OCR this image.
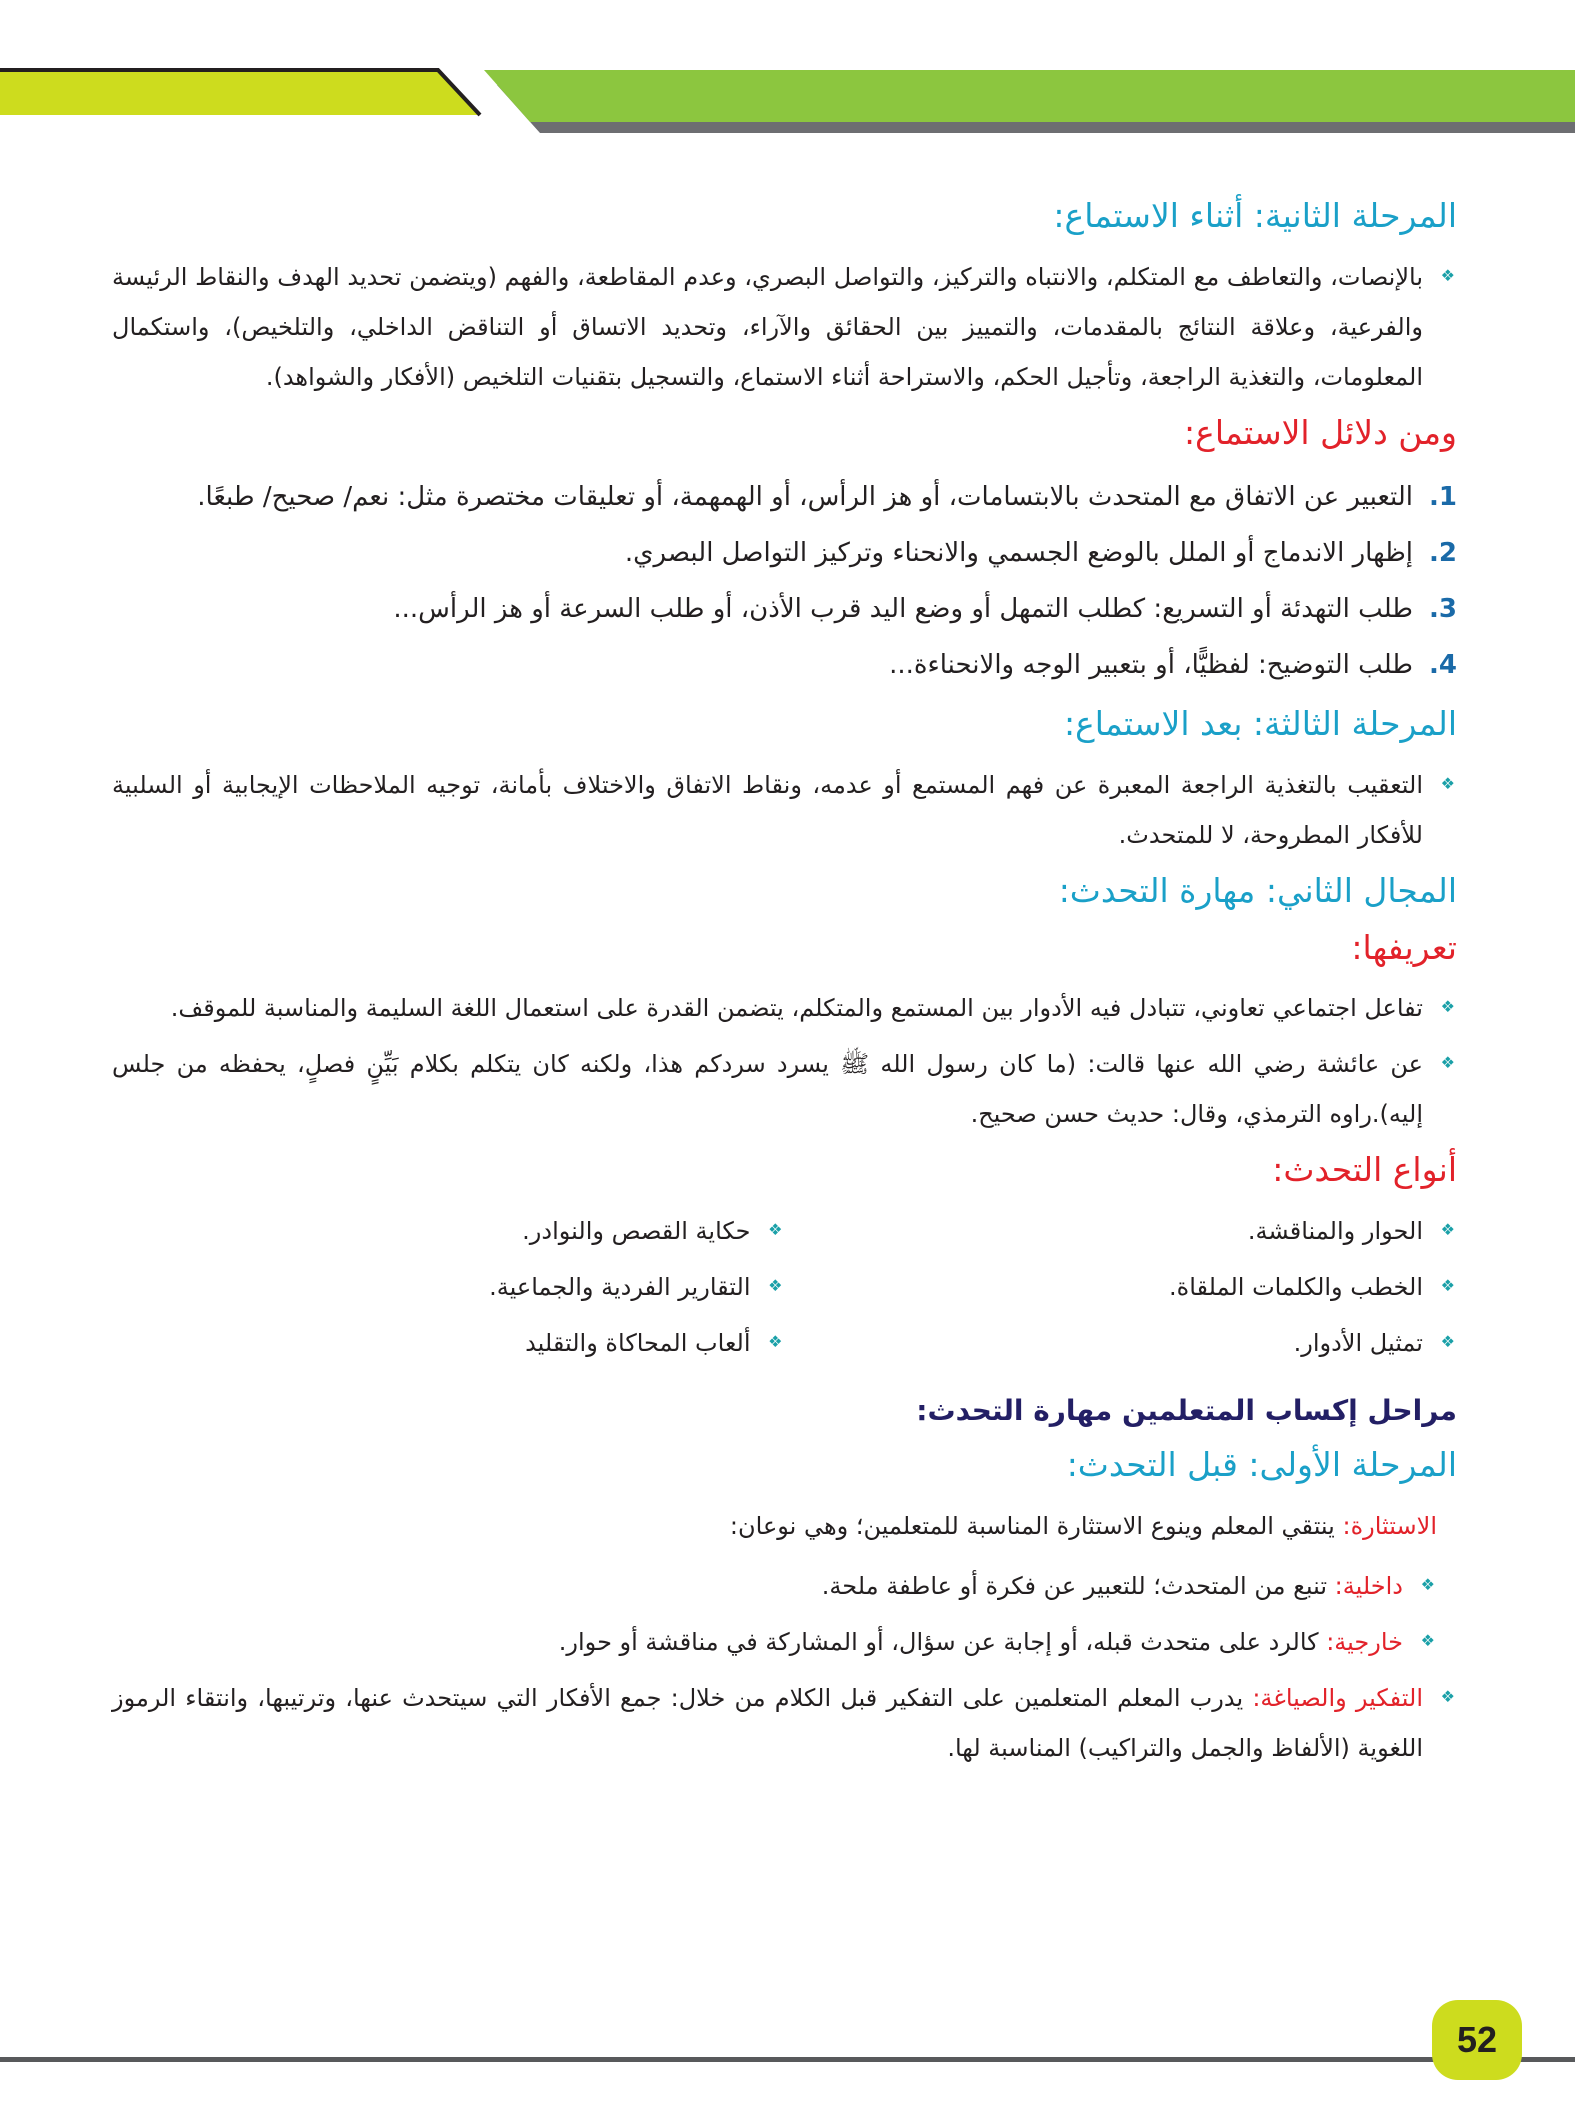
المرحلة الثانية: أثناء الاستماع:
❖
بالإنصات، والتعاطف مع المتكلم، والانتباه والتركيز، والتواصل البصري، وعدم المقاطعة، والفهم (ويتضمن تحديد الهدف والنقاط الرئيسة والفرعية، وعلاقة النتائج بالمقدمات، والتمييز بين الحقائق والآراء، وتحديد الاتساق أو التناقض الداخلي، والتلخيص)، واستكمال المعلومات، والتغذية الراجعة، وتأجيل الحكم، والاستراحة أثناء الاستماع، والتسجيل بتقنيات التلخيص (الأفكار والشواهد).
ومن دلائل الاستماع:
1.
التعبير عن الاتفاق مع المتحدث بالابتسامات، أو هز الرأس، أو الهمهمة، أو تعليقات مختصرة مثل: نعم/ صحيح/ طبعًا.
2.
إظهار الاندماج أو الملل بالوضع الجسمي والانحناء وتركيز التواصل البصري.
3.
طلب التهدئة أو التسريع: كطلب التمهل أو وضع اليد قرب الأذن، أو طلب السرعة أو هز الرأس...
4.
طلب التوضيح: لفظيًّا، أو بتعبير الوجه والانحناءة...
المرحلة الثالثة: بعد الاستماع:
❖
التعقيب بالتغذية الراجعة المعبرة عن فهم المستمع أو عدمه، ونقاط الاتفاق والاختلاف بأمانة، توجيه الملاحظات الإيجابية أو السلبية للأفكار المطروحة، لا للمتحدث.
المجال الثاني: مهارة التحدث:
تعريفها:
❖
تفاعل اجتماعي تعاوني، تتبادل فيه الأدوار بين المستمع والمتكلم، يتضمن القدرة على استعمال اللغة السليمة والمناسبة للموقف.
❖
عن عائشة رضي الله عنها قالت: (ما كان رسول الله ﷺ يسرد سردكم هذا، ولكنه كان يتكلم بكلام بَيِّنٍ فصلٍ، يحفظه من جلس إليه).راوه الترمذي، وقال: حديث حسن صحيح.
أنواع التحدث:
❖
الحوار والمناقشة.
❖
الخطب والكلمات الملقاة.
❖
تمثيل الأدوار.
❖
حكاية القصص والنوادر.
❖
التقارير الفردية والجماعية.
❖
ألعاب المحاكاة والتقليد
مراحل إكساب المتعلمين مهارة التحدث:
المرحلة الأولى: قبل التحدث:

الاستثارة: ينتقي المعلم وينوع الاستثارة المناسبة للمتعلمين؛ وهي نوعان:

❖
داخلية: تنبع من المتحدث؛ للتعبير عن فكرة أو عاطفة ملحة.
❖
خارجية: كالرد على متحدث قبله، أو إجابة عن سؤال، أو المشاركة في مناقشة أو حوار.
❖
التفكير والصياغة: يدرب المعلم المتعلمين على التفكير قبل الكلام من خلال: جمع الأفكار التي سيتحدث عنها، وترتيبها، وانتقاء الرموز اللغوية (الألفاظ والجمل والتراكيب) المناسبة لها.
52
